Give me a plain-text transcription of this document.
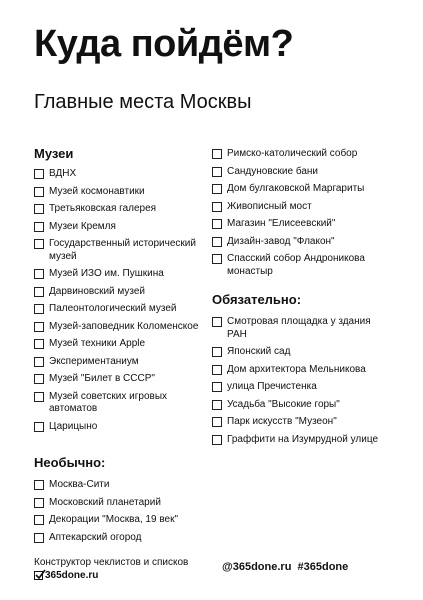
Куда пойдём?
Главные места Москвы
Музеи
ВДНХ
Музей космонавтики
Третьяковская галерея
Музеи Кремля
Государственный исторический музей
Музей ИЗО им. Пушкина
Дарвиновский музей
Палеонтологический музей
Музей-заповедник Коломенское
Музей техники Apple
Экспериментаниум
Музей "Билет в СССР"
Музей советских игровых автоматов
Царицыно
Необычно:
Москва-Сити
Московский планетарий
Декорации "Москва, 19 век"
Аптекарский огород
Римско-католический собор
Сандуновские бани
Дом булгаковской Маргариты
Живописный мост
Магазин "Елисеевский"
Дизайн-завод "Флакон"
Спасский собор Андроникова монастыр
Обязательно:
Смотровая площадка у здания РАН
Японский сад
Дом архитектора Мельникова
улица Пречистенка
Усадьба "Высокие горы"
Парк искусств "Музеон"
Граффити на Изумрудной улице
Конструктор чеклистов и списков
365done.ru
@365done.ru  #365done
